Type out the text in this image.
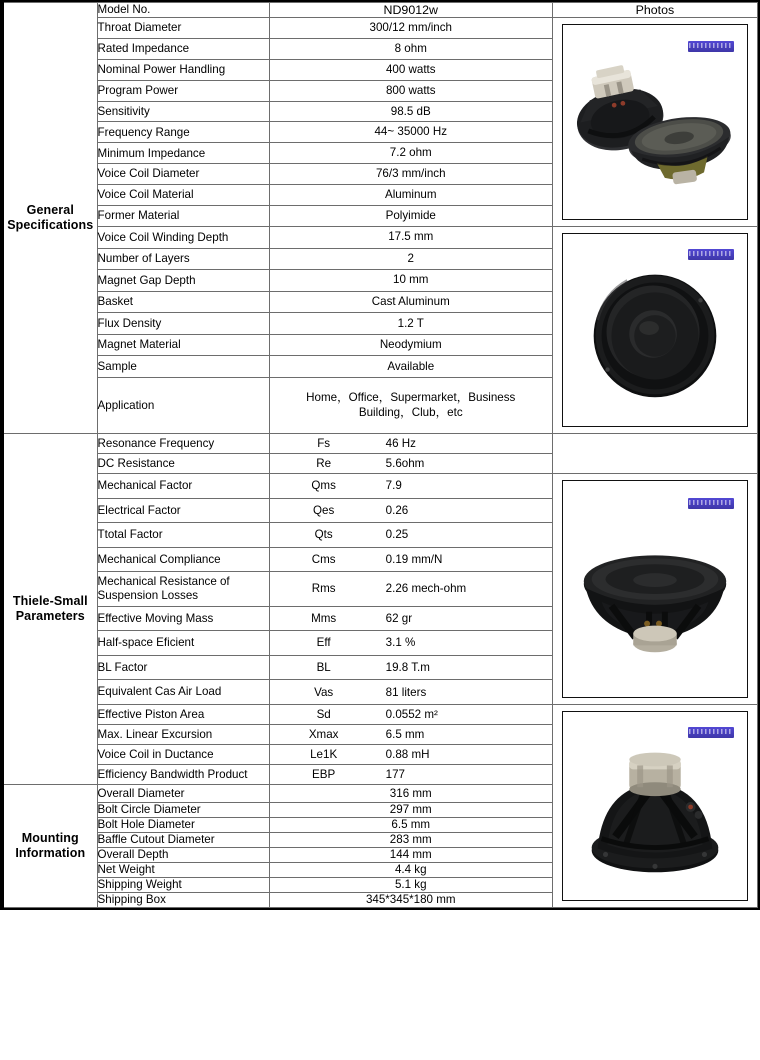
General
Specifications	Model No.	ND9012w	Photos
	Throat Diameter	300/12 mm/inch	

	Rated Impedance	8 ohm	
	Nominal Power Handling	400 watts	
	Program Power	800 watts	
	Sensitivity	98.5 dB	
	Frequency Range	44~ 35000 Hz	
	Minimum Impedance	7.2 ohm	
	Voice Coil Diameter	76/3 mm/inch	
	Voice Coil Material	Aluminum	
	Former Material	Polyimide	
	Voice Coil Winding Depth	17.5 mm	

	Number of Layers	2	
	Magnet Gap Depth	10 mm	
	Basket	Cast Aluminum	
	Flux Density	1.2 T	
	Magnet Material	Neodymium	
	Sample	Available	
	Application	Home，Office，Supermarket，Business Building，Club，etc	

Thiele-Small
Parameters
	Resonance Frequency	Fs	46 Hz

	DC Resistance	Re 5.6ohm	

	Mechanical Factor	Qms 7.9

	Electrical Factor	Qes 0.26	

	Ttotal Factor	Qts 0.25	

	Mechanical Compliance	Cms 0.19 mm/N	

	Mechanical Resistance of Suspension Losses	Rms 2.26 mech-ohm	

	Effective Moving Mass	Mms 62 gr	

	Half-space Eficient	Eff 3.1 %	

	BL Factor	BL 19.8 T.m	

	Equivalent Cas Air Load	Vas 81 liters	

	Effective Piston Area	Sd 0.0552 m²

	Max. Linear Excursion	Xmax 6.5 mm	

	Voice Coil in Ductance	Le1K 0.88 mH	

	Efficiency Bandwidth Product	EBP 177	

Mounting
Information	Overall Diameter	316 mm	
	Bolt Circle Diameter	297 mm	
	Bolt Hole Diameter	6.5 mm	
	Baffle Cutout Diameter	283 mm	
	Overall Depth	144 mm	
	Net Weight	4.4 kg	
	Shipping Weight	5.1 kg	
	Shipping Box	345*345*180 mm	
